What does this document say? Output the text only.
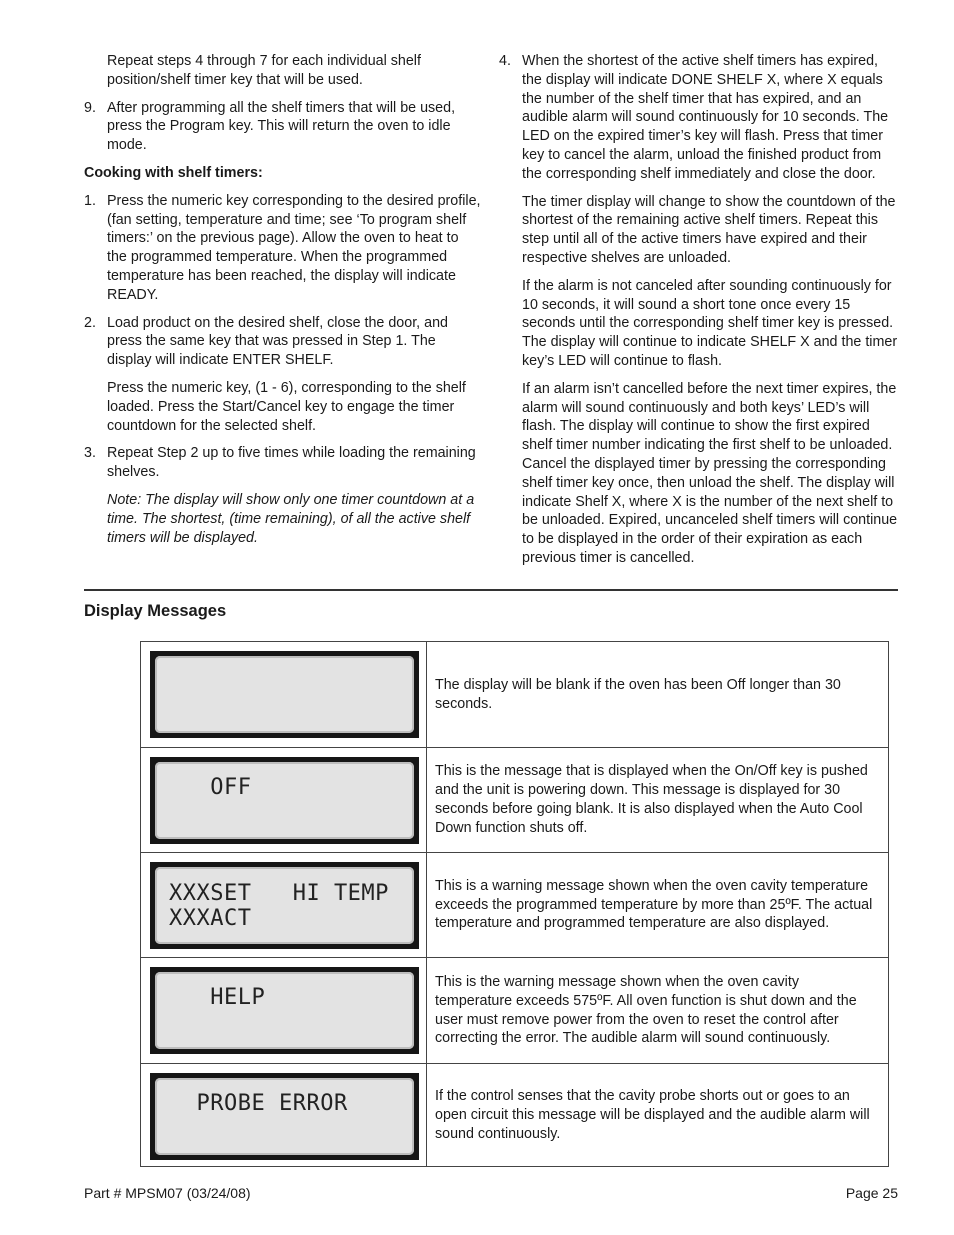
Repeat steps 4 through 7 for each individual shelf position/shelf timer key that will be used.

9. After programming all the shelf timers that will be used, press the Program key. This will return the oven to idle mode.

Cooking with shelf timers:

1. Press the numeric key corresponding to the desired profile, (fan setting, temperature and time; see ‘To program shelf timers:’ on the previous page). Allow the oven to heat to the programmed temperature. When the programmed temperature has been reached, the display will indicate READY.

2. Load product on the desired shelf, close the door, and press the same key that was pressed in Step 1. The display will indicate ENTER SHELF.

Press the numeric key, (1 - 6), corresponding to the shelf loaded. Press the Start/Cancel key to engage the timer countdown for the selected shelf.

3. Repeat Step 2 up to five times while loading the remaining shelves.

Note: The display will show only one timer countdown at a time. The shortest, (time remaining), of all the active shelf timers will be displayed.

4. When the shortest of the active shelf timers has expired, the display will indicate DONE SHELF X, where X equals the number of the shelf timer that has expired, and an audible alarm will sound continuously for 10 seconds. The LED on the expired timer’s key will flash. Press that timer key to cancel the alarm, unload the finished product from the corresponding shelf immediately and close the door.

The timer display will change to show the countdown of the shortest of the remaining active shelf timers. Repeat this step until all of the active timers have expired and their respective shelves are unloaded.

If the alarm is not canceled after sounding continuously for 10 seconds, it will sound a short tone once every 15 seconds until the corresponding shelf timer key is pressed. The display will continue to indicate SHELF X and the timer key’s LED will continue to flash.

If an alarm isn’t cancelled before the next timer expires, the alarm will sound continuously and both keys’ LED’s will flash. The display will continue to show the first expired shelf timer number indicating the first shelf to be unloaded. Cancel the displayed timer by pressing the corresponding shelf timer key once, then unload the shelf. The display will indicate Shelf X, where X is the number of the next shelf to be unloaded. Expired, uncanceled shelf timers will continue to be displayed in the order of their expiration as each previous timer is cancelled.

Display Messages
The display will be blank if the oven has been Off longer than 30 seconds.
OFF
This is the message that is displayed when the On/Off key is pushed and the unit is powering down. This message is displayed for 30 seconds before going blank. It is also displayed when the Auto Cool Down function shuts off.
XXXSET   HI TEMP
XXXACT
This is a warning message shown when the oven cavity temperature exceeds the programmed temperature by more than 25ºF. The actual temperature and programmed temperature are also displayed.
HELP
This is the warning message shown when the oven cavity temperature exceeds 575ºF. All oven function is shut down and the user must remove power from the oven to reset the control after correcting the error. The audible alarm will sound continuously.
PROBE ERROR	If the control senses that the cavity probe shorts out or goes to an open circuit this message will be displayed and the audible alarm will sound continuously.
Part # MPSM07 (03/24/08)	Page 25
